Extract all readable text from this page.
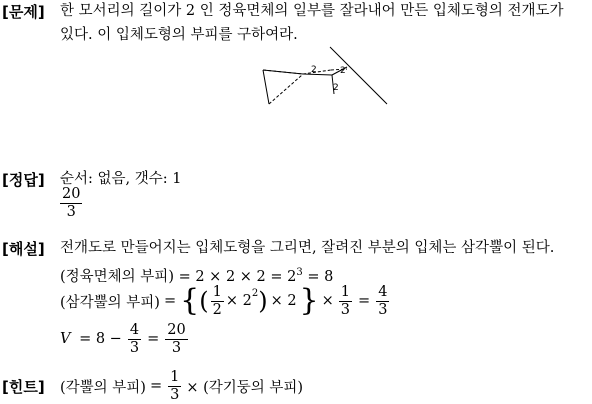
[문제] 한 모서리의 길이가 2 인 정육면체의 일부를 잘라내어 만든 입체도형의 전개도가
있다. 이 입체도형의 부피를 구하여라.
2	2
2
[정답] 순서: 없음, 갯수: 1
$\frac{20}{3}$
[해설] 전개도로 만들어지는 입체도형을 그리면, 잘려진 부분의 입체는 삼각뿔이 된다.
(정육면체의 부피) = $2 \times 2 \times 2 = 2^3 = 8$
(삼각뿔의 부피) = { ( $\frac{1}{2} \times 2^2$ ) × 2 } × $\frac{1}{3} = \frac{4}{3}$
$V = 8 - \frac{4}{3} = \frac{20}{3}$
[힌트] (각뿔의 부피) = $\frac{1}{3}$ × (각기둥의 부피)
